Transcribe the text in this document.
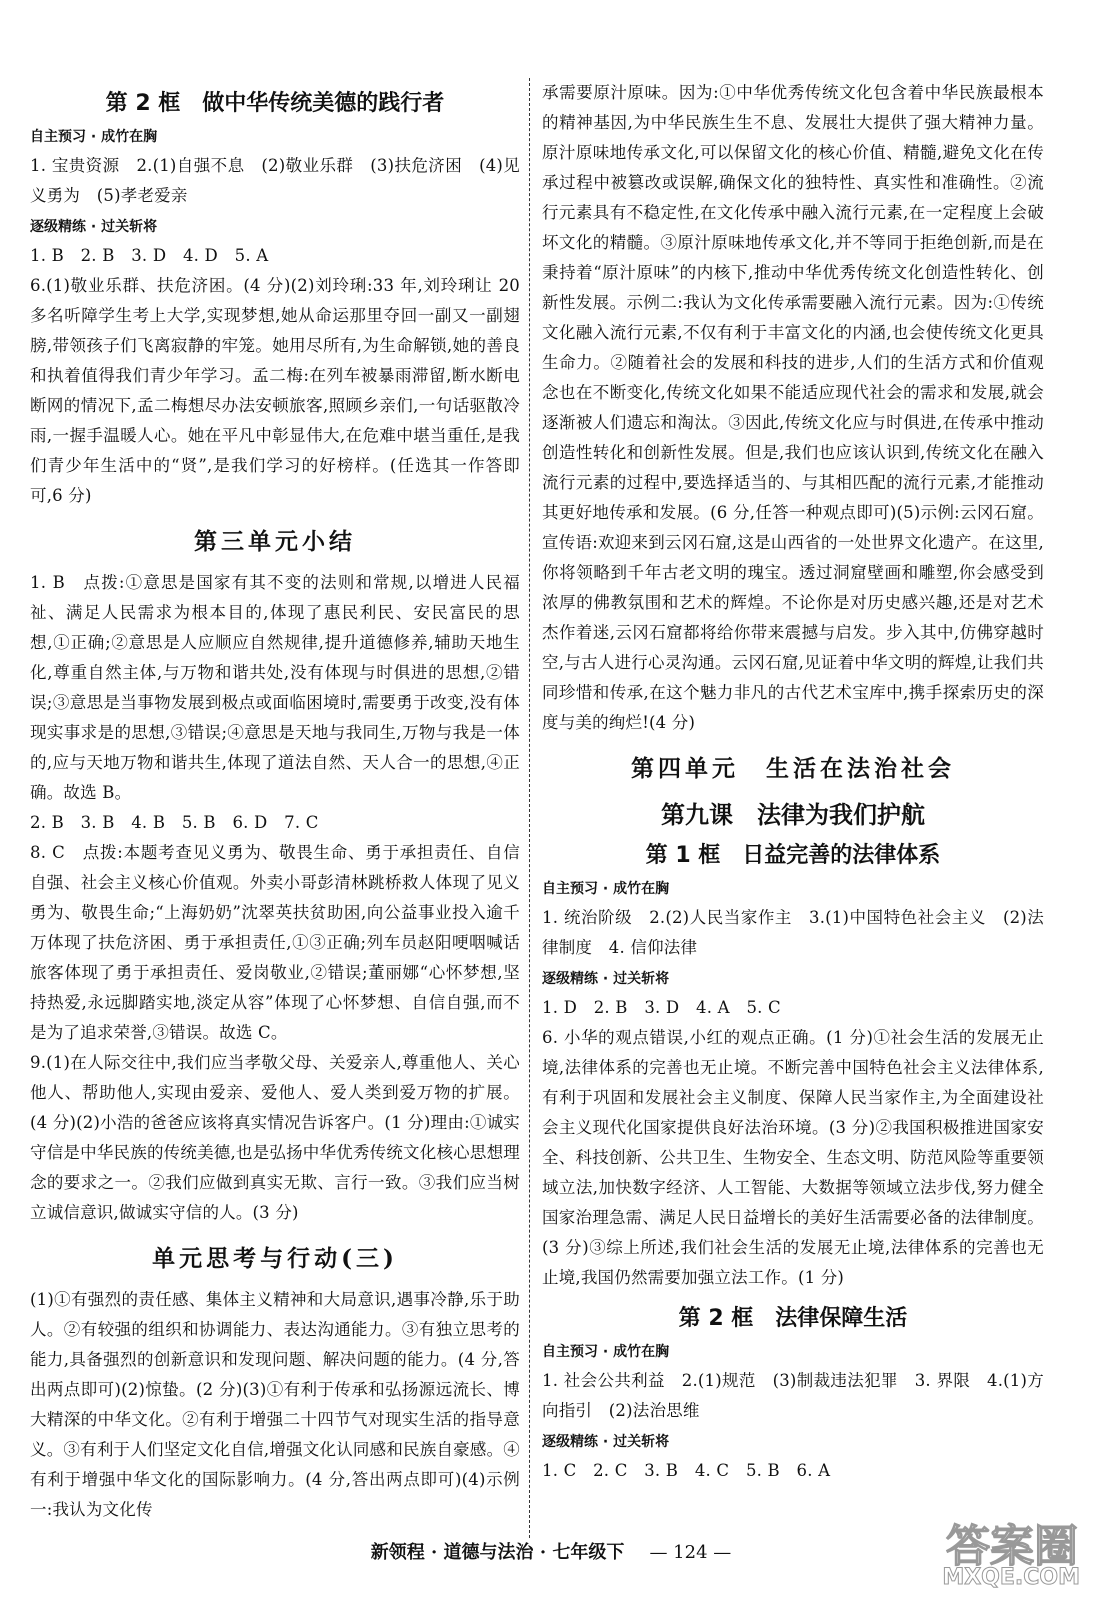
第 2 框　做中华传统美德的践行者
自主预习 · 成竹在胸

1. 宝贵资源　2.(1)自强不息　(2)敬业乐群　(3)扶危济困　(4)见义勇为　(5)孝老爱亲

逐级精练 · 过关斩将

1. B　2. B　3. D　4. D　5. A

6.(1)敬业乐群、扶危济困。(4 分)(2)刘玲琍:33 年,刘玲琍让 20 多名听障学生考上大学,实现梦想,她从命运那里夺回一副又一副翅膀,带领孩子们飞离寂静的牢笼。她用尽所有,为生命解锁,她的善良和执着值得我们青少年学习。孟二梅:在列车被暴雨滞留,断水断电断网的情况下,孟二梅想尽办法安顿旅客,照顾乡亲们,一句话驱散冷雨,一握手温暖人心。她在平凡中彰显伟大,在危难中堪当重任,是我们青少年生活中的“贤”,是我们学习的好榜样。(任选其一作答即可,6 分)

第三单元小结

1. B　点拨:①意思是国家有其不变的法则和常规,以增进人民福祉、满足人民需求为根本目的,体现了惠民利民、安民富民的思想,①正确;②意思是人应顺应自然规律,提升道德修养,辅助天地生化,尊重自然主体,与万物和谐共处,没有体现与时俱进的思想,②错误;③意思是当事物发展到极点或面临困境时,需要勇于改变,没有体现实事求是的思想,③错误;④意思是天地与我同生,万物与我是一体的,应与天地万物和谐共生,体现了道法自然、天人合一的思想,④正确。故选 B。

2. B　3. B　4. B　5. B　6. D　7. C

8. C　点拨:本题考查见义勇为、敬畏生命、勇于承担责任、自信自强、社会主义核心价值观。外卖小哥彭清林跳桥救人体现了见义勇为、敬畏生命;“上海奶奶”沈翠英扶贫助困,向公益事业投入逾千万体现了扶危济困、勇于承担责任,①③正确;列车员赵阳哽咽喊话旅客体现了勇于承担责任、爱岗敬业,②错误;董丽娜“心怀梦想,坚持热爱,永远脚踏实地,淡定从容”体现了心怀梦想、自信自强,而不是为了追求荣誉,③错误。故选 C。

9.(1)在人际交往中,我们应当孝敬父母、关爱亲人,尊重他人、关心他人、帮助他人,实现由爱亲、爱他人、爱人类到爱万物的扩展。(4 分)(2)小浩的爸爸应该将真实情况告诉客户。(1 分)理由:①诚实守信是中华民族的传统美德,也是弘扬中华优秀传统文化核心思想理念的要求之一。②我们应做到真实无欺、言行一致。③我们应当树立诚信意识,做诚实守信的人。(3 分)

单元思考与行动(三)

(1)①有强烈的责任感、集体主义精神和大局意识,遇事冷静,乐于助人。②有较强的组织和协调能力、表达沟通能力。③有独立思考的能力,具备强烈的创新意识和发现问题、解决问题的能力。(4 分,答出两点即可)(2)惊蛰。(2 分)(3)①有利于传承和弘扬源远流长、博大精深的中华文化。②有利于增强二十四节气对现实生活的指导意义。③有利于人们坚定文化自信,增强文化认同感和民族自豪感。④有利于增强中华文化的国际影响力。(4 分,答出两点即可)(4)示例一:我认为文化传

承需要原汁原味。因为:①中华优秀传统文化包含着中华民族最根本的精神基因,为中华民族生生不息、发展壮大提供了强大精神力量。原汁原味地传承文化,可以保留文化的核心价值、精髓,避免文化在传承过程中被篡改或误解,确保文化的独特性、真实性和准确性。②流行元素具有不稳定性,在文化传承中融入流行元素,在一定程度上会破坏文化的精髓。③原汁原味地传承文化,并不等同于拒绝创新,而是在秉持着“原汁原味”的内核下,推动中华优秀传统文化创造性转化、创新性发展。示例二:我认为文化传承需要融入流行元素。因为:①传统文化融入流行元素,不仅有利于丰富文化的内涵,也会使传统文化更具生命力。②随着社会的发展和科技的进步,人们的生活方式和价值观念也在不断变化,传统文化如果不能适应现代社会的需求和发展,就会逐渐被人们遗忘和淘汰。③因此,传统文化应与时俱进,在传承中推动创造性转化和创新性发展。但是,我们也应该认识到,传统文化在融入流行元素的过程中,要选择适当的、与其相匹配的流行元素,才能推动其更好地传承和发展。(6 分,任答一种观点即可)(5)示例:云冈石窟。宣传语:欢迎来到云冈石窟,这是山西省的一处世界文化遗产。在这里,你将领略到千年古老文明的瑰宝。透过洞窟壁画和雕塑,你会感受到浓厚的佛教氛围和艺术的辉煌。不论你是对历史感兴趣,还是对艺术杰作着迷,云冈石窟都将给你带来震撼与启发。步入其中,仿佛穿越时空,与古人进行心灵沟通。云冈石窟,见证着中华文明的辉煌,让我们共同珍惜和传承,在这个魅力非凡的古代艺术宝库中,携手探索历史的深度与美的绚烂!(4 分)

第四单元　生活在法治社会
第九课　法律为我们护航
第 1 框　日益完善的法律体系
自主预习 · 成竹在胸

1. 统治阶级　2.(2)人民当家作主　3.(1)中国特色社会主义　(2)法律制度　4. 信仰法律

逐级精练 · 过关斩将

1. D　2. B　3. D　4. A　5. C

6. 小华的观点错误,小红的观点正确。(1 分)①社会生活的发展无止境,法律体系的完善也无止境。不断完善中国特色社会主义法律体系,有利于巩固和发展社会主义制度、保障人民当家作主,为全面建设社会主义现代化国家提供良好法治环境。(3 分)②我国积极推进国家安全、科技创新、公共卫生、生物安全、生态文明、防范风险等重要领域立法,加快数字经济、人工智能、大数据等领域立法步伐,努力健全国家治理急需、满足人民日益增长的美好生活需要必备的法律制度。(3 分)③综上所述,我们社会生活的发展无止境,法律体系的完善也无止境,我国仍然需要加强立法工作。(1 分)

第 2 框　法律保障生活
自主预习 · 成竹在胸

1. 社会公共利益　2.(1)规范　(3)制裁违法犯罪　3. 界限　4.(1)方向指引　(2)法治思维

逐级精练 · 过关斩将

1. C　2. C　3. B　4. C　5. B　6. A

新领程 · 道德与法治 · 七年级下 — 124 —	答案圈
MXQE.COM
